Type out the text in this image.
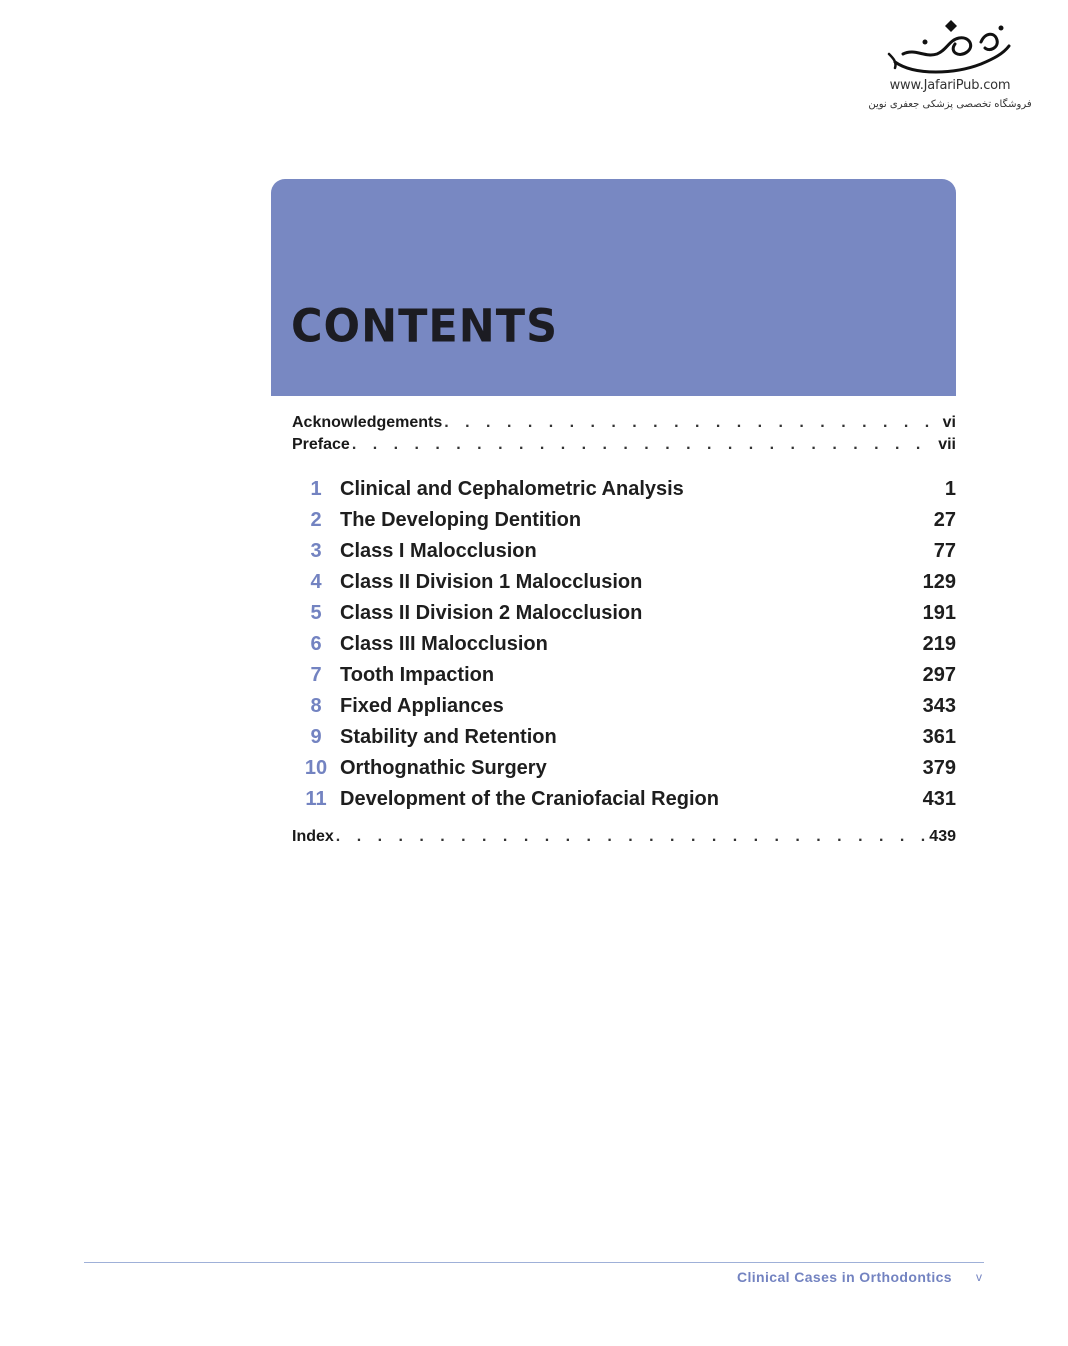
www.JafariPub.com
فروشگاه تخصصی پزشکی جعفری نوین
CONTENTS
Acknowledgements . . .	vi
Preface . . .	vii
1 Clinical and Cephalometric Analysis	1
2 The Developing Dentition	27
3 Class I Malocclusion	77
4 Class II Division 1 Malocclusion	129
5 Class II Division 2 Malocclusion	191
6 Class III Malocclusion	219
7 Tooth Impaction	297
8 Fixed Appliances	343
9 Stability and Retention	361
10 Orthognathic Surgery	379
11 Development of the Craniofacial Region	431
Index . . .	439
Clinical Cases in Orthodontics v
